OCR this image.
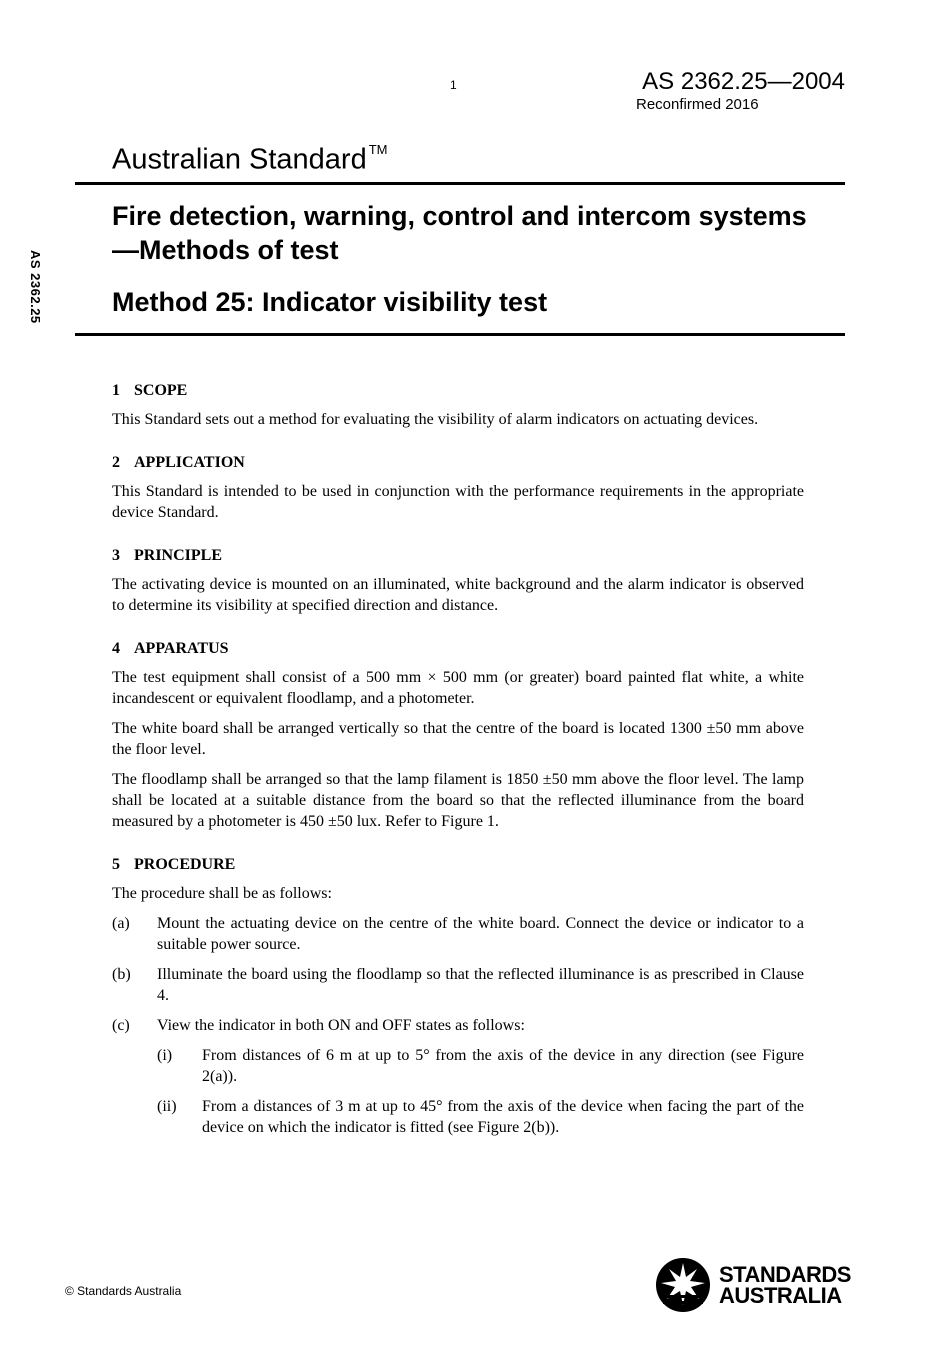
1	AS 2362.25—2004
Reconfirmed 2016
Australian Standard ™
AS 2362.25
Fire detection, warning, control and intercom systems—Methods of test
Method 25: Indicator visibility test
1 SCOPE

This Standard sets out a method for evaluating the visibility of alarm indicators on actuating devices.

2 APPLICATION

This Standard is intended to be used in conjunction with the performance requirements in the appropriate device Standard.

3 PRINCIPLE

The activating device is mounted on an illuminated, white background and the alarm indicator is observed to determine its visibility at specified direction and distance.

4 APPARATUS

The test equipment shall consist of a 500 mm × 500 mm (or greater) board painted flat white, a white incandescent or equivalent floodlamp, and a photometer.

The white board shall be arranged vertically so that the centre of the board is located 1300 ±50 mm above the floor level.

The floodlamp shall be arranged so that the lamp filament is 1850 ±50 mm above the floor level. The lamp shall be located at a suitable distance from the board so that the reflected illuminance from the board measured by a photometer is 450 ±50 lux. Refer to Figure 1.

5 PROCEDURE

The procedure shall be as follows:

(a)	Mount the actuating device on the centre of the white board. Connect the device or indicator to a suitable power source.
(b)	Illuminate the board using the floodlamp so that the reflected illuminance is as prescribed in Clause 4.
(c)	View the indicator in both ON and OFF states as follows:
(i)	From distances of 6 m at up to 5° from the axis of the device in any direction (see Figure 2(a)).
(ii)	From a distances of 3 m at up to 45° from the axis of the device when facing the part of the device on which the indicator is fitted (see Figure 2(b)).
© Standards Australia
STANDARDS
AUSTRALIA
